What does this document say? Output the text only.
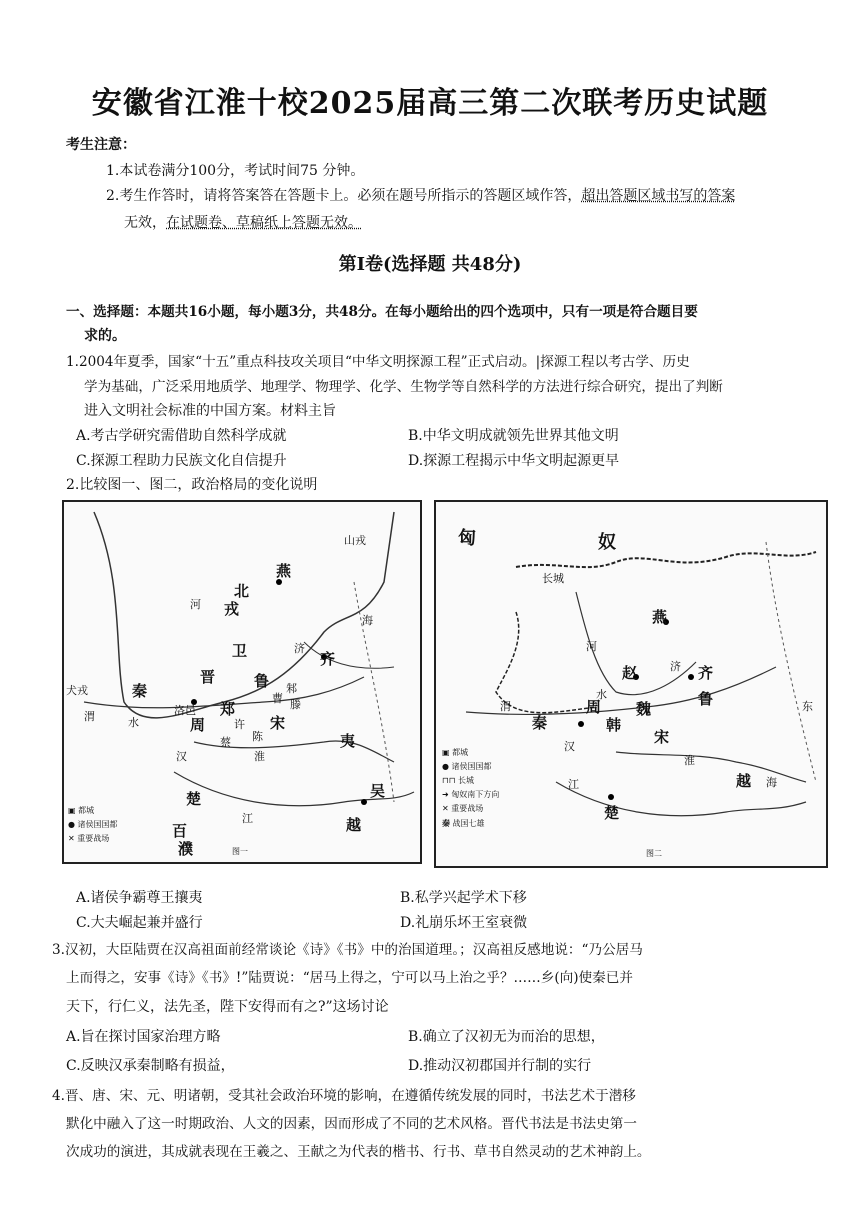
安徽省江淮十校2025届高三第二次联考历史试题
考生注意：
1.本试卷满分100分，考试时间75 分钟。
2.考生作答时，请将答案答在答题卡上。必须在题号所指示的答题区域作答，超出答题区域书写的答案
无效，在试题卷、草稿纸上答题无效。
第Ⅰ卷(选择题 共48分)
一、选择题：本题共16小题，每小题3分，共48分。在每小题给出的四个选项中，只有一项是符合题目要
求的。
1.2004年夏季，国家“十五”重点科技攻关项目“中华文明探源工程”正式启动。|探源工程以考古学、历史
学为基础，广泛采用地质学、地理学、物理学、化学、生物学等自然科学的方法进行综合研究，提出了判断
进入文明社会标准的中国方案。材料主旨
A.考古学研究需借助自然科学成就	B.中华文明成就领先世界其他文明
C.探源工程助力民族文化自信提升	D.探源工程揭示中华文明起源更早
2.比较图一、图二，政治格局的变化说明
山戎
燕
北
戎
河
海
济
齐
卫
晋	鲁
秦
犬戎
洛邑
周
郑
许 宋
曹
邾
滕
蔡 陈
渭	水
淮
夷
汉
江
楚	吴
越
百
濮
▣ 都城
● 诸侯国国都
✕ 重要战场
图一
匈	奴
长城
燕
赵	齐
鲁
魏
韩
周
秦
宋
楚
越
东
海
汉
江
淮
河
济
水
渭
▣ 都城
● 诸侯国国都
⊓⊓ 长城
➜ 匈奴南下方向
✕ 重要战场
秦 战国七雄
图二
A.诸侯争霸尊王攘夷	B.私学兴起学术下移
C.大夫崛起兼并盛行	D.礼崩乐坏王室衰微
3.汉初，大臣陆贾在汉高祖面前经常谈论《诗》《书》中的治国道理。；汉高祖反感地说：“乃公居马
上而得之，安事《诗》《书》!”陆贾说：“居马上得之，宁可以马上治之乎？……乡(向)使秦已并
天下，行仁义，法先圣，陛下安得而有之?”这场讨论
A.旨在探讨国家治理方略	B.确立了汉初无为而治的思想，
C.反映汉承秦制略有损益，	D.推动汉初郡国并行制的实行
4.晋、唐、宋、元、明诸朝，受其社会政治环境的影响，在遵循传统发展的同时，书法艺术于潜移
默化中融入了这一时期政治、人文的因素，因而形成了不同的艺术风格。晋代书法是书法史第一
次成功的演进，其成就表现在王羲之、王献之为代表的楷书、行书、草书自然灵动的艺术神韵上。
